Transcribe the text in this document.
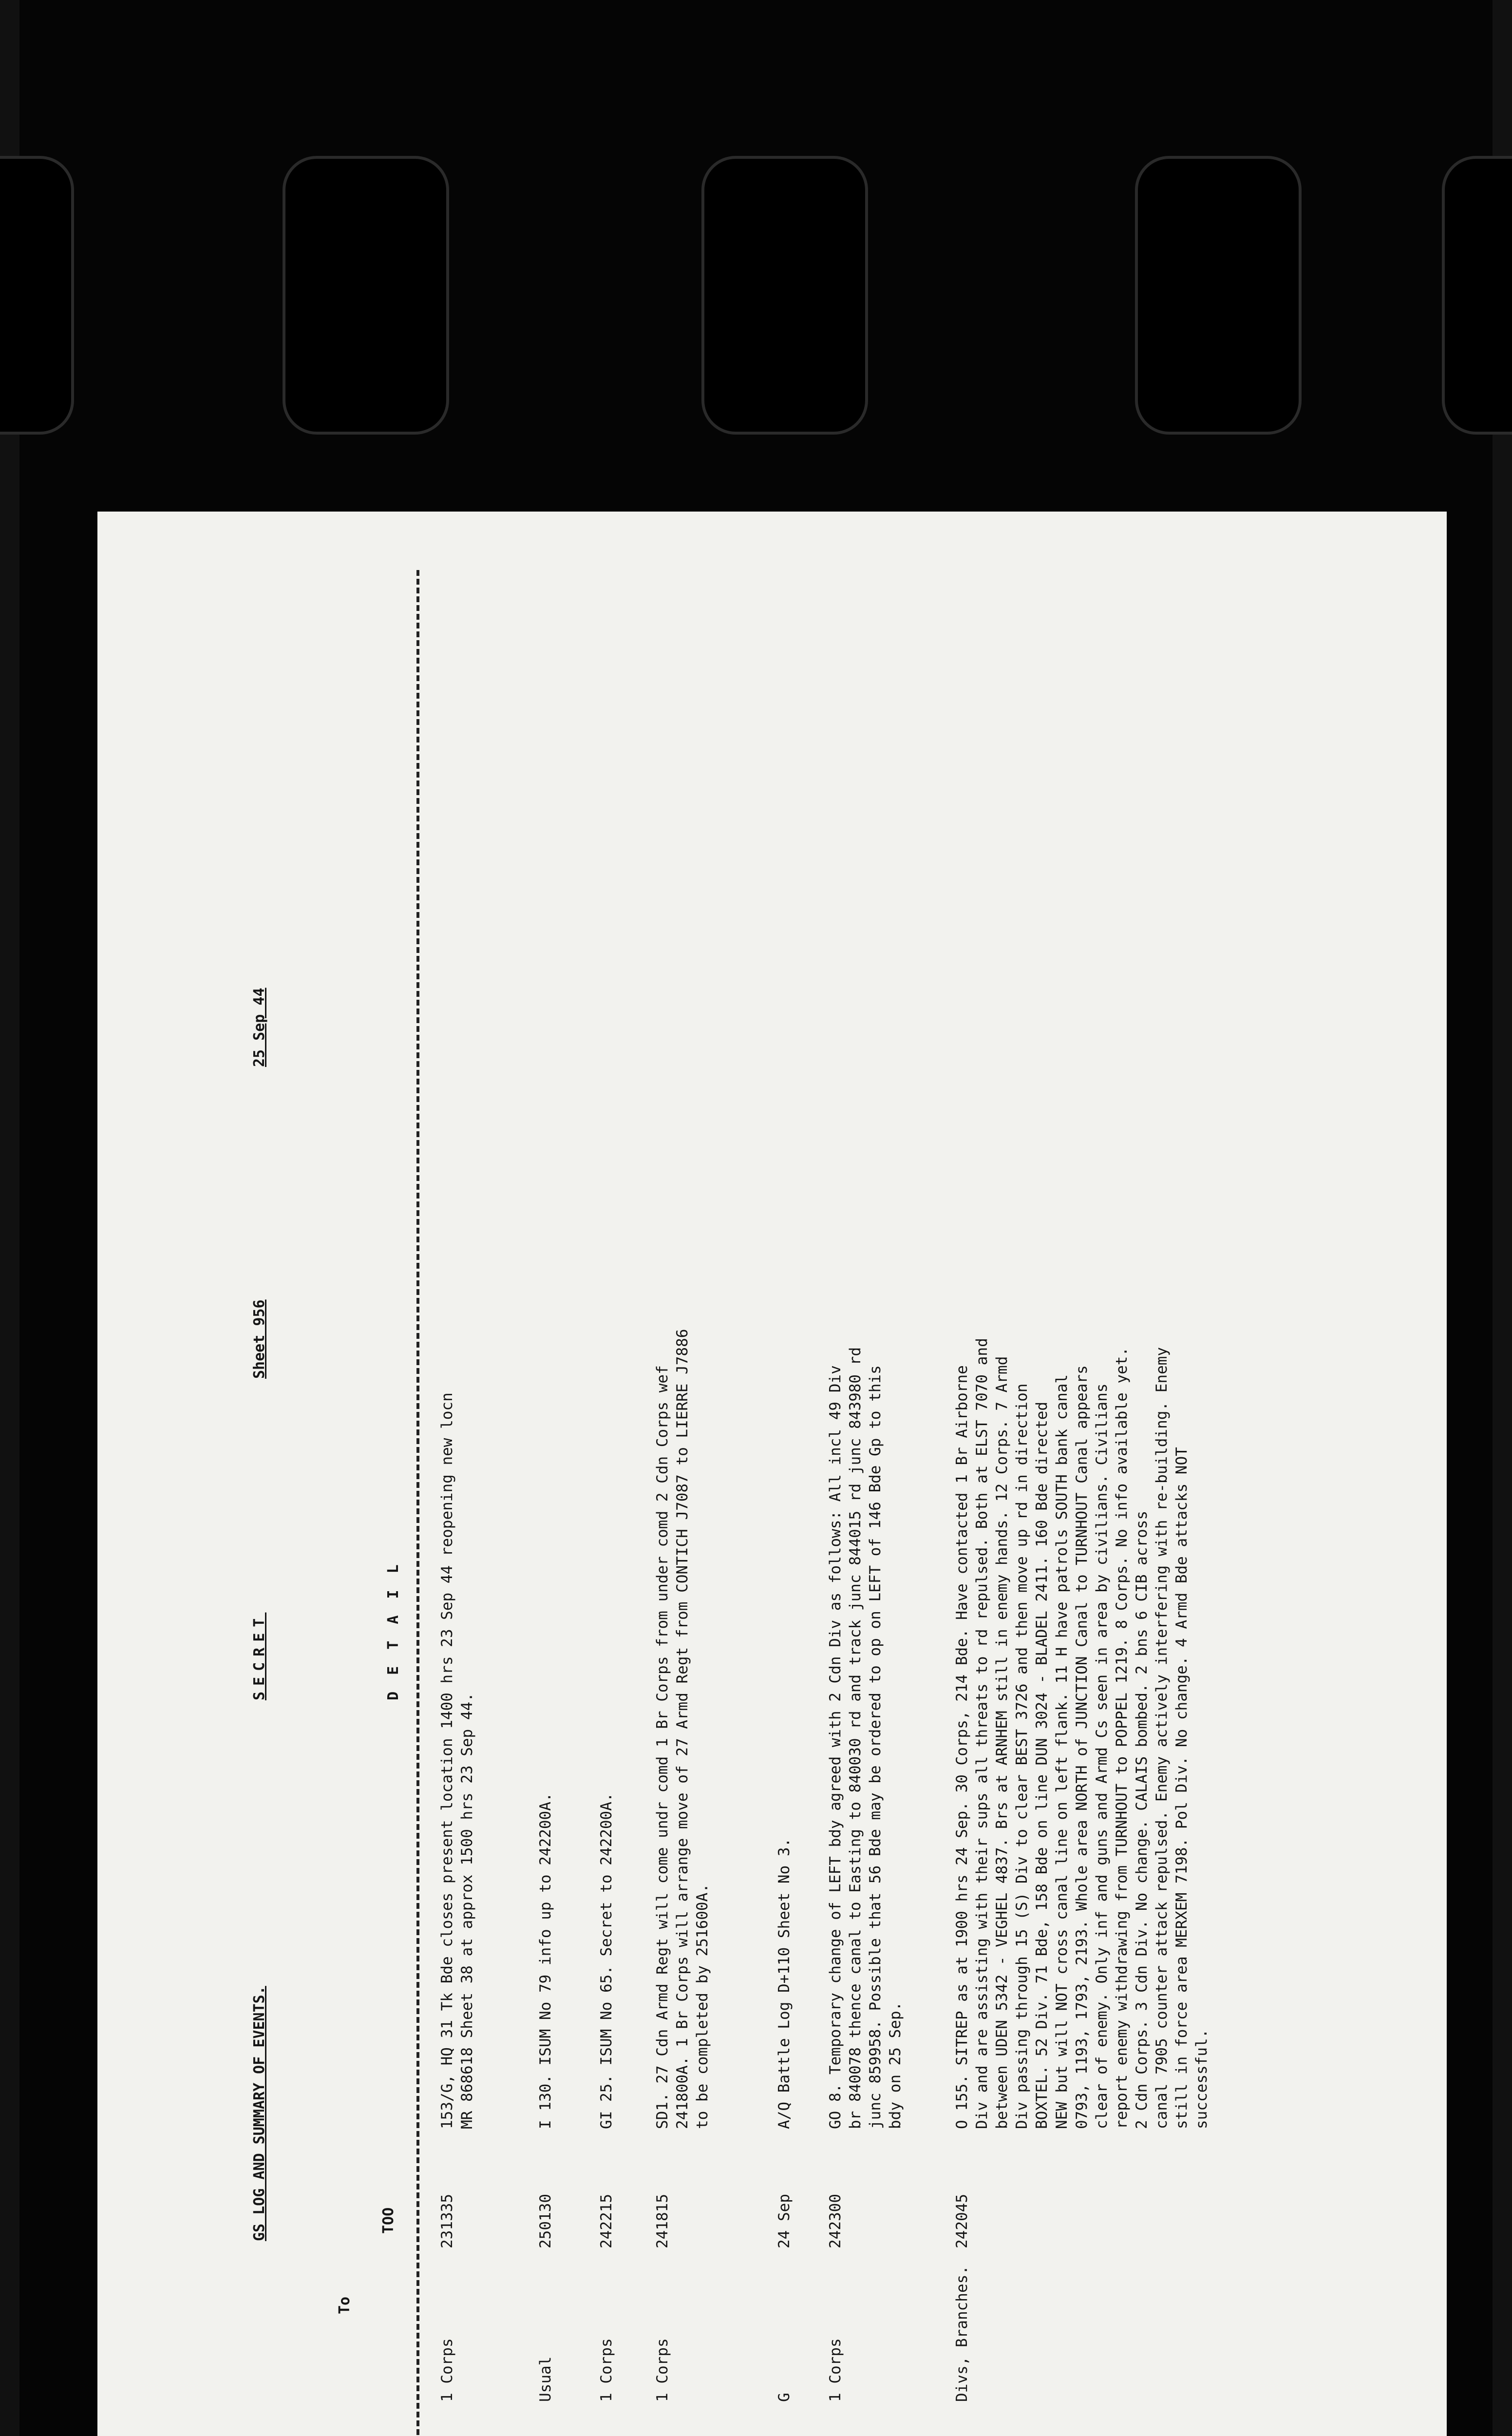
GS LOG AND SUMMARY OF EVENTS.
SECRET
Sheet 956
25 Sep 44
To
TOO
D E T A I L
1 Corps
231335
153/G, HQ 31 Tk Bde closes present location 1400 hrs 23 Sep 44 reopening new locn MR 868618 Sheet 38 at approx 1500 hrs 23 Sep 44.
Usual
250130
I 130. ISUM No 79 info up to 242200A.
1 Corps
242215
GI 25. ISUM No 65. Secret to 242200A.
1 Corps
241815
SD1. 27 Cdn Armd Regt will come undr comd 1 Br Corps from under comd 2 Cdn Corps wef 241800A. 1 Br Corps will arrange move of 27 Armd Regt from CONTICH J7087 to LIERRE J7886 to be completed by 251600A.
G
24 Sep
A/Q Battle Log D+110 Sheet No 3.
1 Corps
242300
GO 8. Temporary change of LEFT bdy agreed with 2 Cdn Div as follows: All incl 49 Div br 840078 thence canal to Easting to 840030 rd and track junc 844015 rd junc 843980 rd junc 859958. Possible that 56 Bde may be ordered to op on LEFT of 146 Bde Gp to this bdy on 25 Sep.
Divs, Branches.
242045
O 155. SITREP as at 1900 hrs 24 Sep. 30 Corps, 214 Bde. Have contacted 1 Br Airborne Div and are assisting with their sups all threats to rd repulsed. Both at ELST 7070 and between UDEN 5342 - VEGHEL 4837. Brs at ARNHEM still in enemy hands. 12 Corps. 7 Armd Div passing through 15 (S) Div to clear BEST 3726 and then move up rd in direction BOXTEL. 52 Div. 71 Bde, 158 Bde on line DUN 3024 - BLADEL 2411. 160 Bde directed NEW but will NOT cross canal line on left flank. 11 H have patrols SOUTH bank canal 0793, 1193, 1793, 2193. Whole area NORTH of JUNCTION Canal to TURNHOUT Canal appears clear of enemy. Only inf and guns and Armd Cs seen in area by civilians. Civilians report enemy withdrawing from TURNHOUT to POPPEL 1219. 8 Corps. No info available yet. 2 Cdn Corps. 3 Cdn Div. No change. CALAIS bombed. 2 bns 6 CIB across canal 7905 counter attack repulsed. Enemy actively interfering with re-building. Enemy still in force area MERXEM 7198. Pol Div. No change. 4 Armd Bde attacks NOT successful.
